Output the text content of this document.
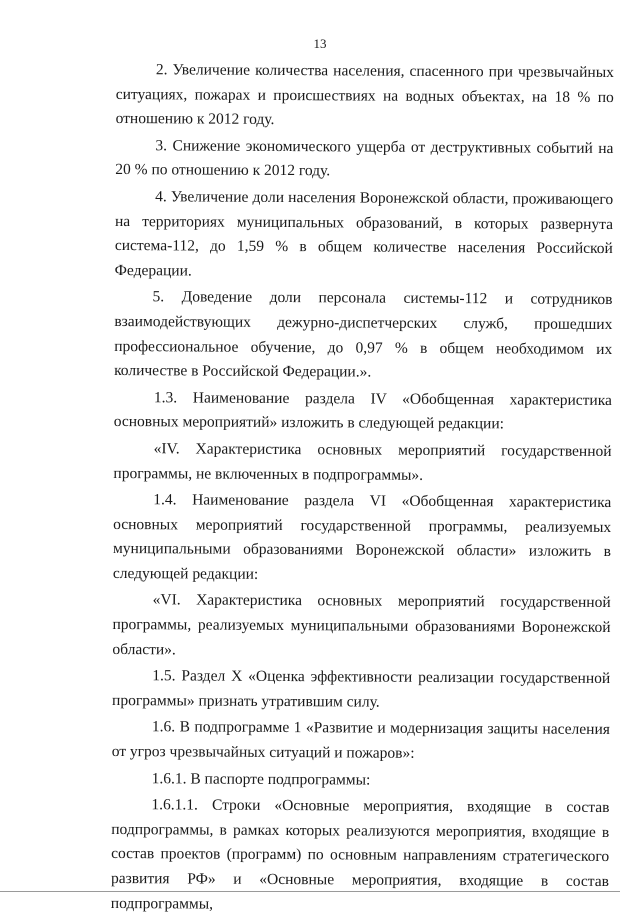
13

2. Увеличение количества населения, спасенного при чрезвычайных ситуациях, пожарах и происшествиях на водных объектах, на 18 % по отношению к 2012 году.

3. Снижение экономического ущерба от деструктивных событий на 20 % по отношению к 2012 году.

4. Увеличение доли населения Воронежской области, проживающего на территориях муниципальных образований, в которых развернута система-112, до 1,59 % в общем количестве населения Российской Федерации.

5. Доведение доли персонала системы-112 и сотрудников взаимодействующих дежурно-диспетчерских служб, прошедших профессиональное обучение, до 0,97 % в общем необходимом их количестве в Российской Федерации.».

1.3. Наименование раздела IV «Обобщенная характеристика основных мероприятий» изложить в следующей редакции:

«IV. Характеристика основных мероприятий государственной программы, не включенных в подпрограммы».

1.4. Наименование раздела VI «Обобщенная характеристика основных мероприятий государственной программы, реализуемых муниципальными образованиями Воронежской области» изложить в следующей редакции:

«VI. Характеристика основных мероприятий государственной программы, реализуемых муниципальными образованиями Воронежской области».

1.5. Раздел X «Оценка эффективности реализации государственной программы» признать утратившим силу.

1.6. В подпрограмме 1 «Развитие и модернизация защиты населения от угроз чрезвычайных ситуаций и пожаров»:

1.6.1. В паспорте подпрограммы:

1.6.1.1. Строки «Основные мероприятия, входящие в состав подпрограммы, в рамках которых реализуются мероприятия, входящие в состав проектов (программ) по основным направлениям стратегического развития РФ» и «Основные мероприятия, входящие в состав подпрограммы,
